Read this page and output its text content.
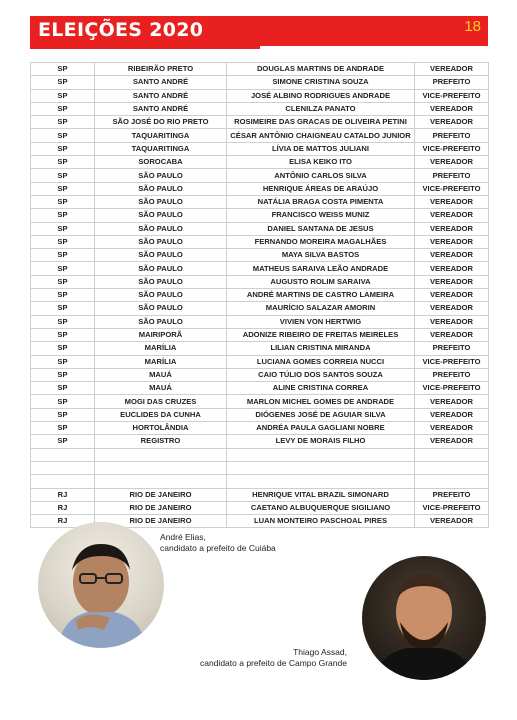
ELEIÇÕES 2020	18
SP	RIBEIRÃO PRETO	DOUGLAS MARTINS DE ANDRADE	VEREADOR
SP	SANTO ANDRÉ	SIMONE CRISTINA SOUZA	PREFEITO
SP	SANTO ANDRÉ	JOSÉ ALBINO RODRIGUES ANDRADE	VICE-PREFEITO
SP	SANTO ANDRÉ	CLENILZA PANATO	VEREADOR
SP	SÃO JOSÉ DO RIO PRETO	ROSIMEIRE DAS GRACAS DE OLIVEIRA PETINI	VEREADOR
SP	TAQUARITINGA	CÉSAR ANTÔNIO CHAIGNEAU CATALDO JUNIOR	PREFEITO
SP	TAQUARITINGA	LÍVIA DE MATTOS JULIANI	VICE-PREFEITO
SP	SOROCABA	ELISA KEIKO ITO	VEREADOR
SP	SÃO PAULO	ANTÔNIO CARLOS SILVA	PREFEITO
SP	SÃO PAULO	HENRIQUE ÁREAS DE ARAÚJO	VICE-PREFEITO
SP	SÃO PAULO	NATÁLIA BRAGA COSTA PIMENTA	VEREADOR
SP	SÃO PAULO	FRANCISCO WEISS MUNIZ	VEREADOR
SP	SÃO PAULO	DANIEL SANTANA DE JESUS	VEREADOR
SP	SÃO PAULO	FERNANDO MOREIRA MAGALHÃES	VEREADOR
SP	SÃO PAULO	MAYA SILVA BASTOS	VEREADOR
SP	SÃO PAULO	MATHEUS SARAIVA LEÃO ANDRADE	VEREADOR
SP	SÃO PAULO	AUGUSTO ROLIM SARAIVA	VEREADOR
SP	SÃO PAULO	ANDRÉ MARTINS DE CASTRO LAMEIRA	VEREADOR
SP	SÃO PAULO	MAURÍCIO SALAZAR AMORIN	VEREADOR
SP	SÃO PAULO	VIVIEN VON HERTWIG	VEREADOR
SP	MAIRIPORÃ	ADONIZE RIBEIRO DE FREITAS MEIRELES	VEREADOR
SP	MARÍLIA	LILIAN CRISTINA MIRANDA	PREFEITO
SP	MARÍLIA	LUCIANA GOMES CORREIA NUCCI	VICE-PREFEITO
SP	MAUÁ	CAIO TÚLIO DOS SANTOS SOUZA	PREFEITO
SP	MAUÁ	ALINE CRISTINA CORREA	VICE-PREFEITO
SP	MOGI DAS CRUZES	MARLON MICHEL GOMES DE ANDRADE	VEREADOR
SP	EUCLIDES DA CUNHA	DIÓGENES JOSÉ DE AGUIAR SILVA	VEREADOR
SP	HORTOLÂNDIA	ANDRÉA PAULA GAGLIANI NOBRE	VEREADOR
SP	REGISTRO	LEVY DE MORAIS FILHO	VEREADOR

RJ	RIO DE JANEIRO	HENRIQUE VITAL BRAZIL SIMONARD	PREFEITO
RJ	RIO DE JANEIRO	CAETANO ALBUQUERQUE SIGILIANO	VICE-PREFEITO
RJ	RIO DE JANEIRO	LUAN MONTEIRO PASCHOAL PIRES	VEREADOR
André Elias,
candidato a prefeito de Cuiába
Thiago Assad,
candidato a prefeito de Campo Grande
